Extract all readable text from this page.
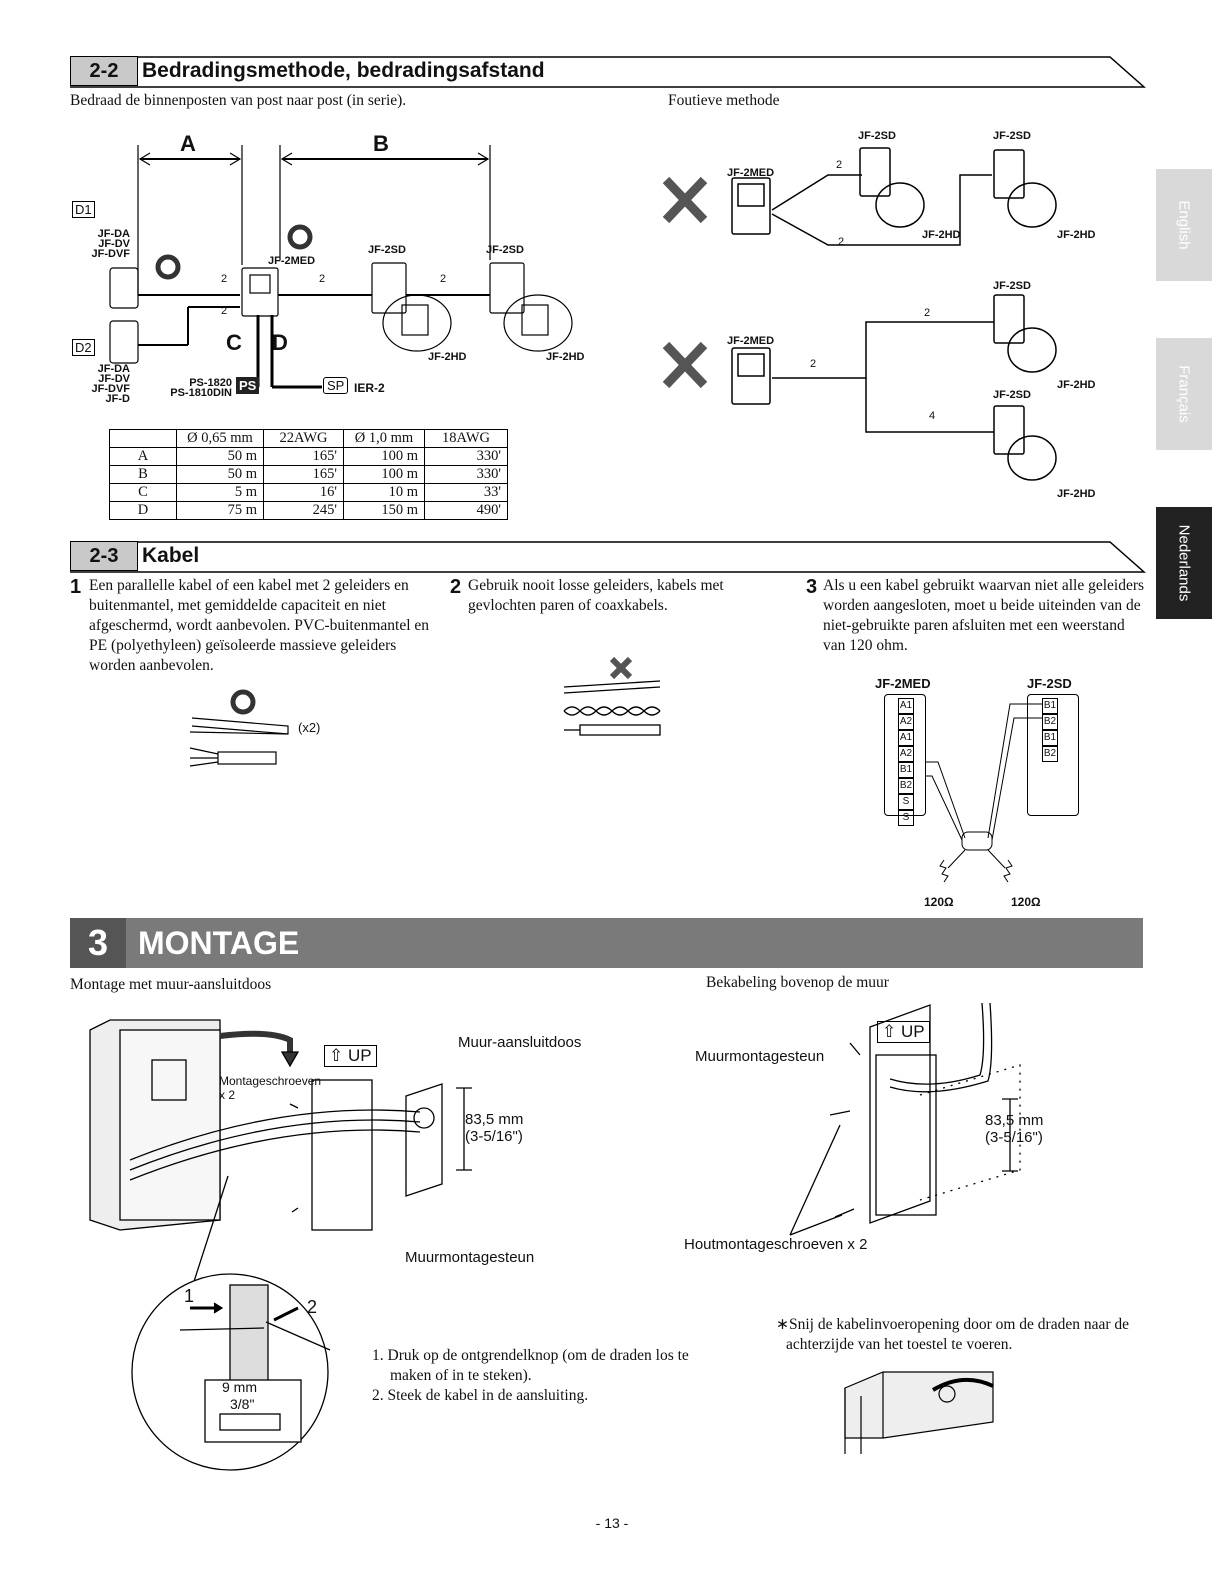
English
Français
Nederlands
2-2	Bedradingsmethode, bedradingsafstand
Bedraad de binnenposten van post naar post (in serie).	Foutieve methode
A	B
D1
D2
JF-DA
JF-DV
JF-DVF
JF-DA
JF-DV
JF-DVF
JF-D
JF-2MED
JF-2SD	JF-2SD
JF-2HD	JF-2HD
2
2
2	2
C D
PS-1820
PS-1810DIN PS	SP IER-2
	Ø 0,65 mm	22AWG	Ø 1,0 mm	18AWG
A	50 m	165'	100 m	330'
B	50 m	165'	100 m	330'
C	5 m	16'	10 m	33'
D	75 m	245'	150 m	490'
JF-2MED
JF-2MED
JF-2SD	JF-2SD
JF-2SD
JF-2SD
JF-2HD	JF-2HD
JF-2HD
JF-2HD
2
2
2
2
4
2-3	Kabel
1 Een parallelle kabel of een kabel met 2 geleiders en buitenmantel, met gemiddelde capaciteit en niet afgeschermd, wordt aanbevolen. PVC-buitenmantel en PE (polyethyleen) geïsoleerde massieve geleiders worden aanbevolen.
2 Gebruik nooit losse geleiders, kabels met gevlochten paren of coaxkabels.
3 Als u een kabel gebruikt waarvan niet alle geleiders worden aangesloten, moet u beide uiteinden van de niet-gebruikte paren afsluiten met een weerstand van 120 ohm.
(x2)
JF-2MED	JF-2SD
A1
A2
A1
A2
B1
B2
S
S
B1
B2
B1
B2
120Ω	120Ω
3 MONTAGE
Montage met muur-aansluitdoos	Bekabeling bovenop de muur
⇧ UP
Montageschroeven
x 2
Muur-aansluitdoos
83,5 mm
(3-5/16")
Muurmontagesteun
1
2
9 mm
3/8"
1. Druk op de ontgrendelknop (om de draden los te maken of in te steken).
2. Steek de kabel in de aansluiting.
⇧ UP
Muurmontagesteun
83,5 mm
(3-5/16")
Houtmontageschroeven x 2
∗Snij de kabelinvoeropening door om de draden naar de achterzijde van het toestel te voeren.
- 13 -
